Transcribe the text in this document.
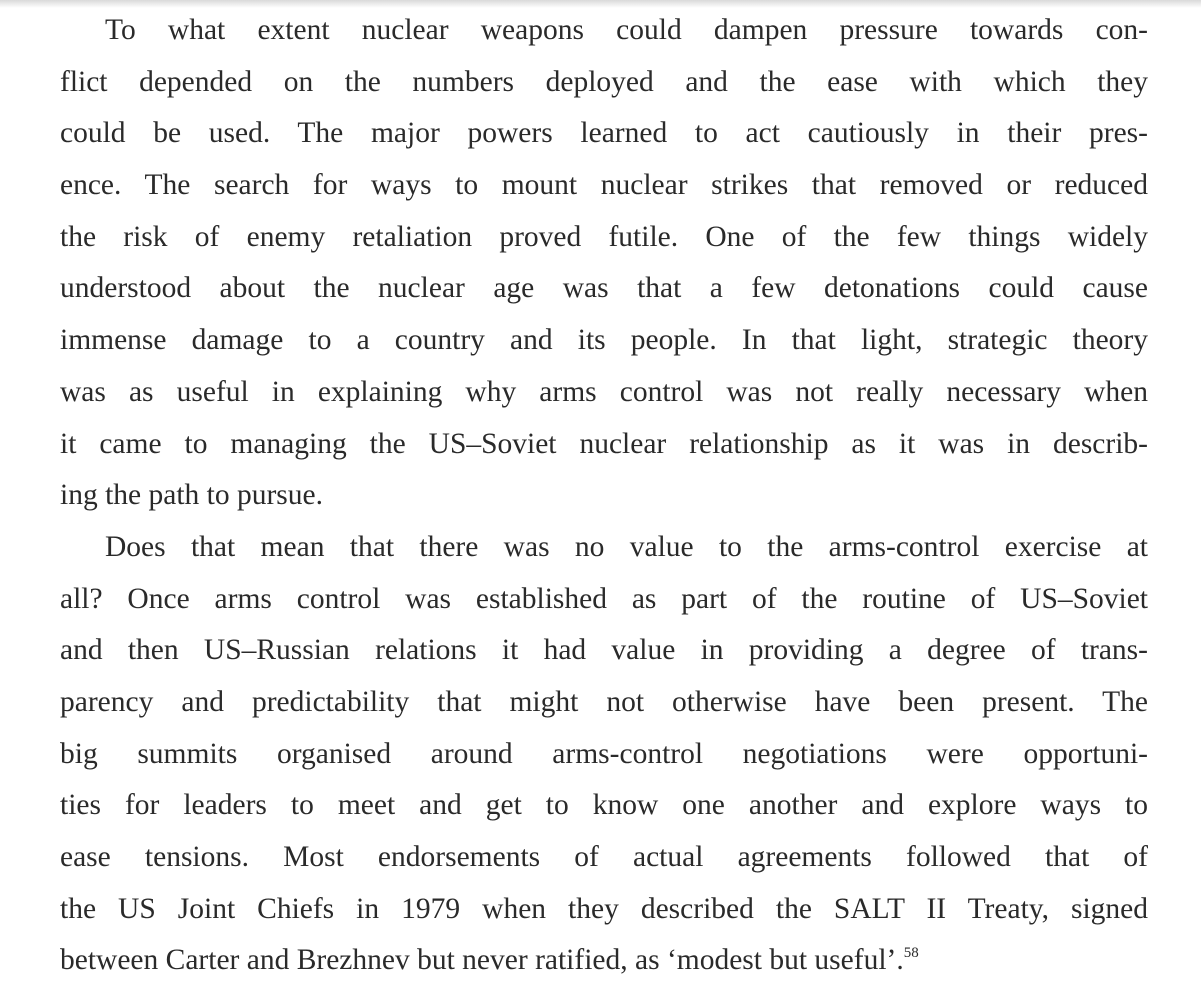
To what extent nuclear weapons could dampen pressure towards con-
flict depended on the numbers deployed and the ease with which they
could be used. The major powers learned to act cautiously in their pres-
ence. The search for ways to mount nuclear strikes that removed or reduced
the risk of enemy retaliation proved futile. One of the few things widely
understood about the nuclear age was that a few detonations could cause
immense damage to a country and its people. In that light, strategic theory
was as useful in explaining why arms control was not really necessary when
it came to managing the US–Soviet nuclear relationship as it was in describ-
ing the path to pursue.
Does that mean that there was no value to the arms-control exercise at
all? Once arms control was established as part of the routine of US–Soviet
and then US–Russian relations it had value in providing a degree of trans-
parency and predictability that might not otherwise have been present. The
big summits organised around arms-control negotiations were opportuni-
ties for leaders to meet and get to know one another and explore ways to
ease tensions. Most endorsements of actual agreements followed that of
the US Joint Chiefs in 1979 when they described the SALT II Treaty, signed
between Carter and Brezhnev but never ratified, as ‘modest but useful’.$^{58}$
